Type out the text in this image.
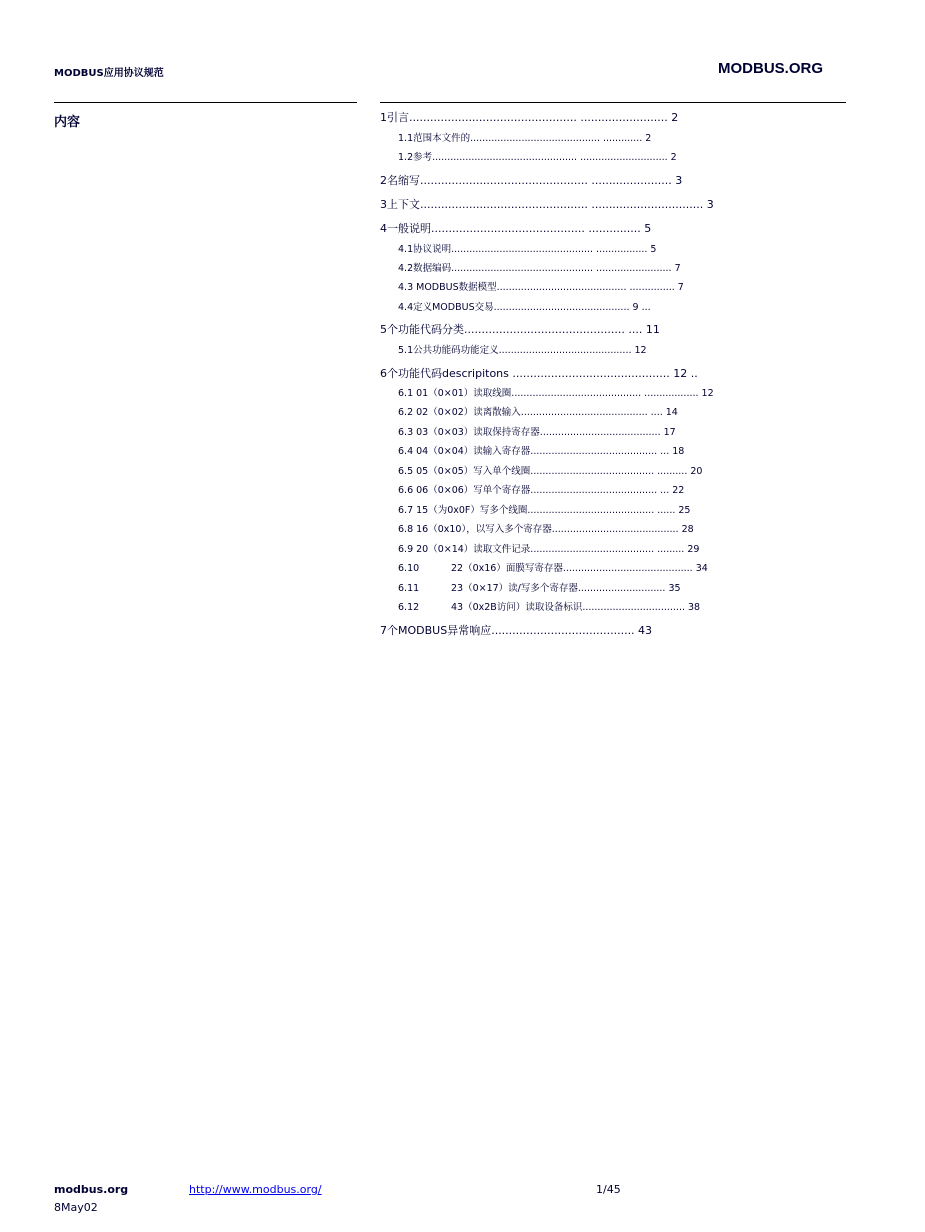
MODBUS应用协议规范	MODBUS.ORG
内容	1引言................................................ ......................... 2
1.1范围本文件的........................................... ............. 2
1.2参考................................................ ............................. 2
2名缩写................................................ ....................... 3
3上下文................................................ ................................ 3
4一般说明............................................ ............... 5
4.1协议说明............................................... ................. 5
4.2数据编码............................................... ......................... 7
4.3 MODBUS数据模型........................................... ............... 7
4.4定义MODBUS交易............................................. 9 ...
5个功能代码分类.............................................. .... 11
5.1公共功能码功能定义............................................ 12
6个功能代码descripitons ............................................. 12 ..
6.1 01（0×01）读取线圈........................................... .................. 12
6.2 02（0×02）读离散输入.......................................... .... 14
6.3 03（0×03）读取保持寄存器........................................ 17
6.4 04（0×04）读输入寄存器.......................................... ... 18
6.5 05（0×05）写入单个线圈......................................... .......... 20
6.6 06（0×06）写单个寄存器.......................................... ... 22
6.7 15（为0x0F）写多个线圈.......................................... ...... 25
6.8 16（0x10），以写入多个寄存器.......................................... 28
6.9 20（0×14）读取文件记录......................................... ......... 29
6.10	22（0x16）面膜写寄存器........................................... 34
6.11	23（0×17）读/写多个寄存器............................. 35
6.12	43（0x2B访问）读取设备标识.................................. 38
7个MODBUS异常响应......................................... 43
modbus.org	http://www.modbus.org/	1/45
8May02
